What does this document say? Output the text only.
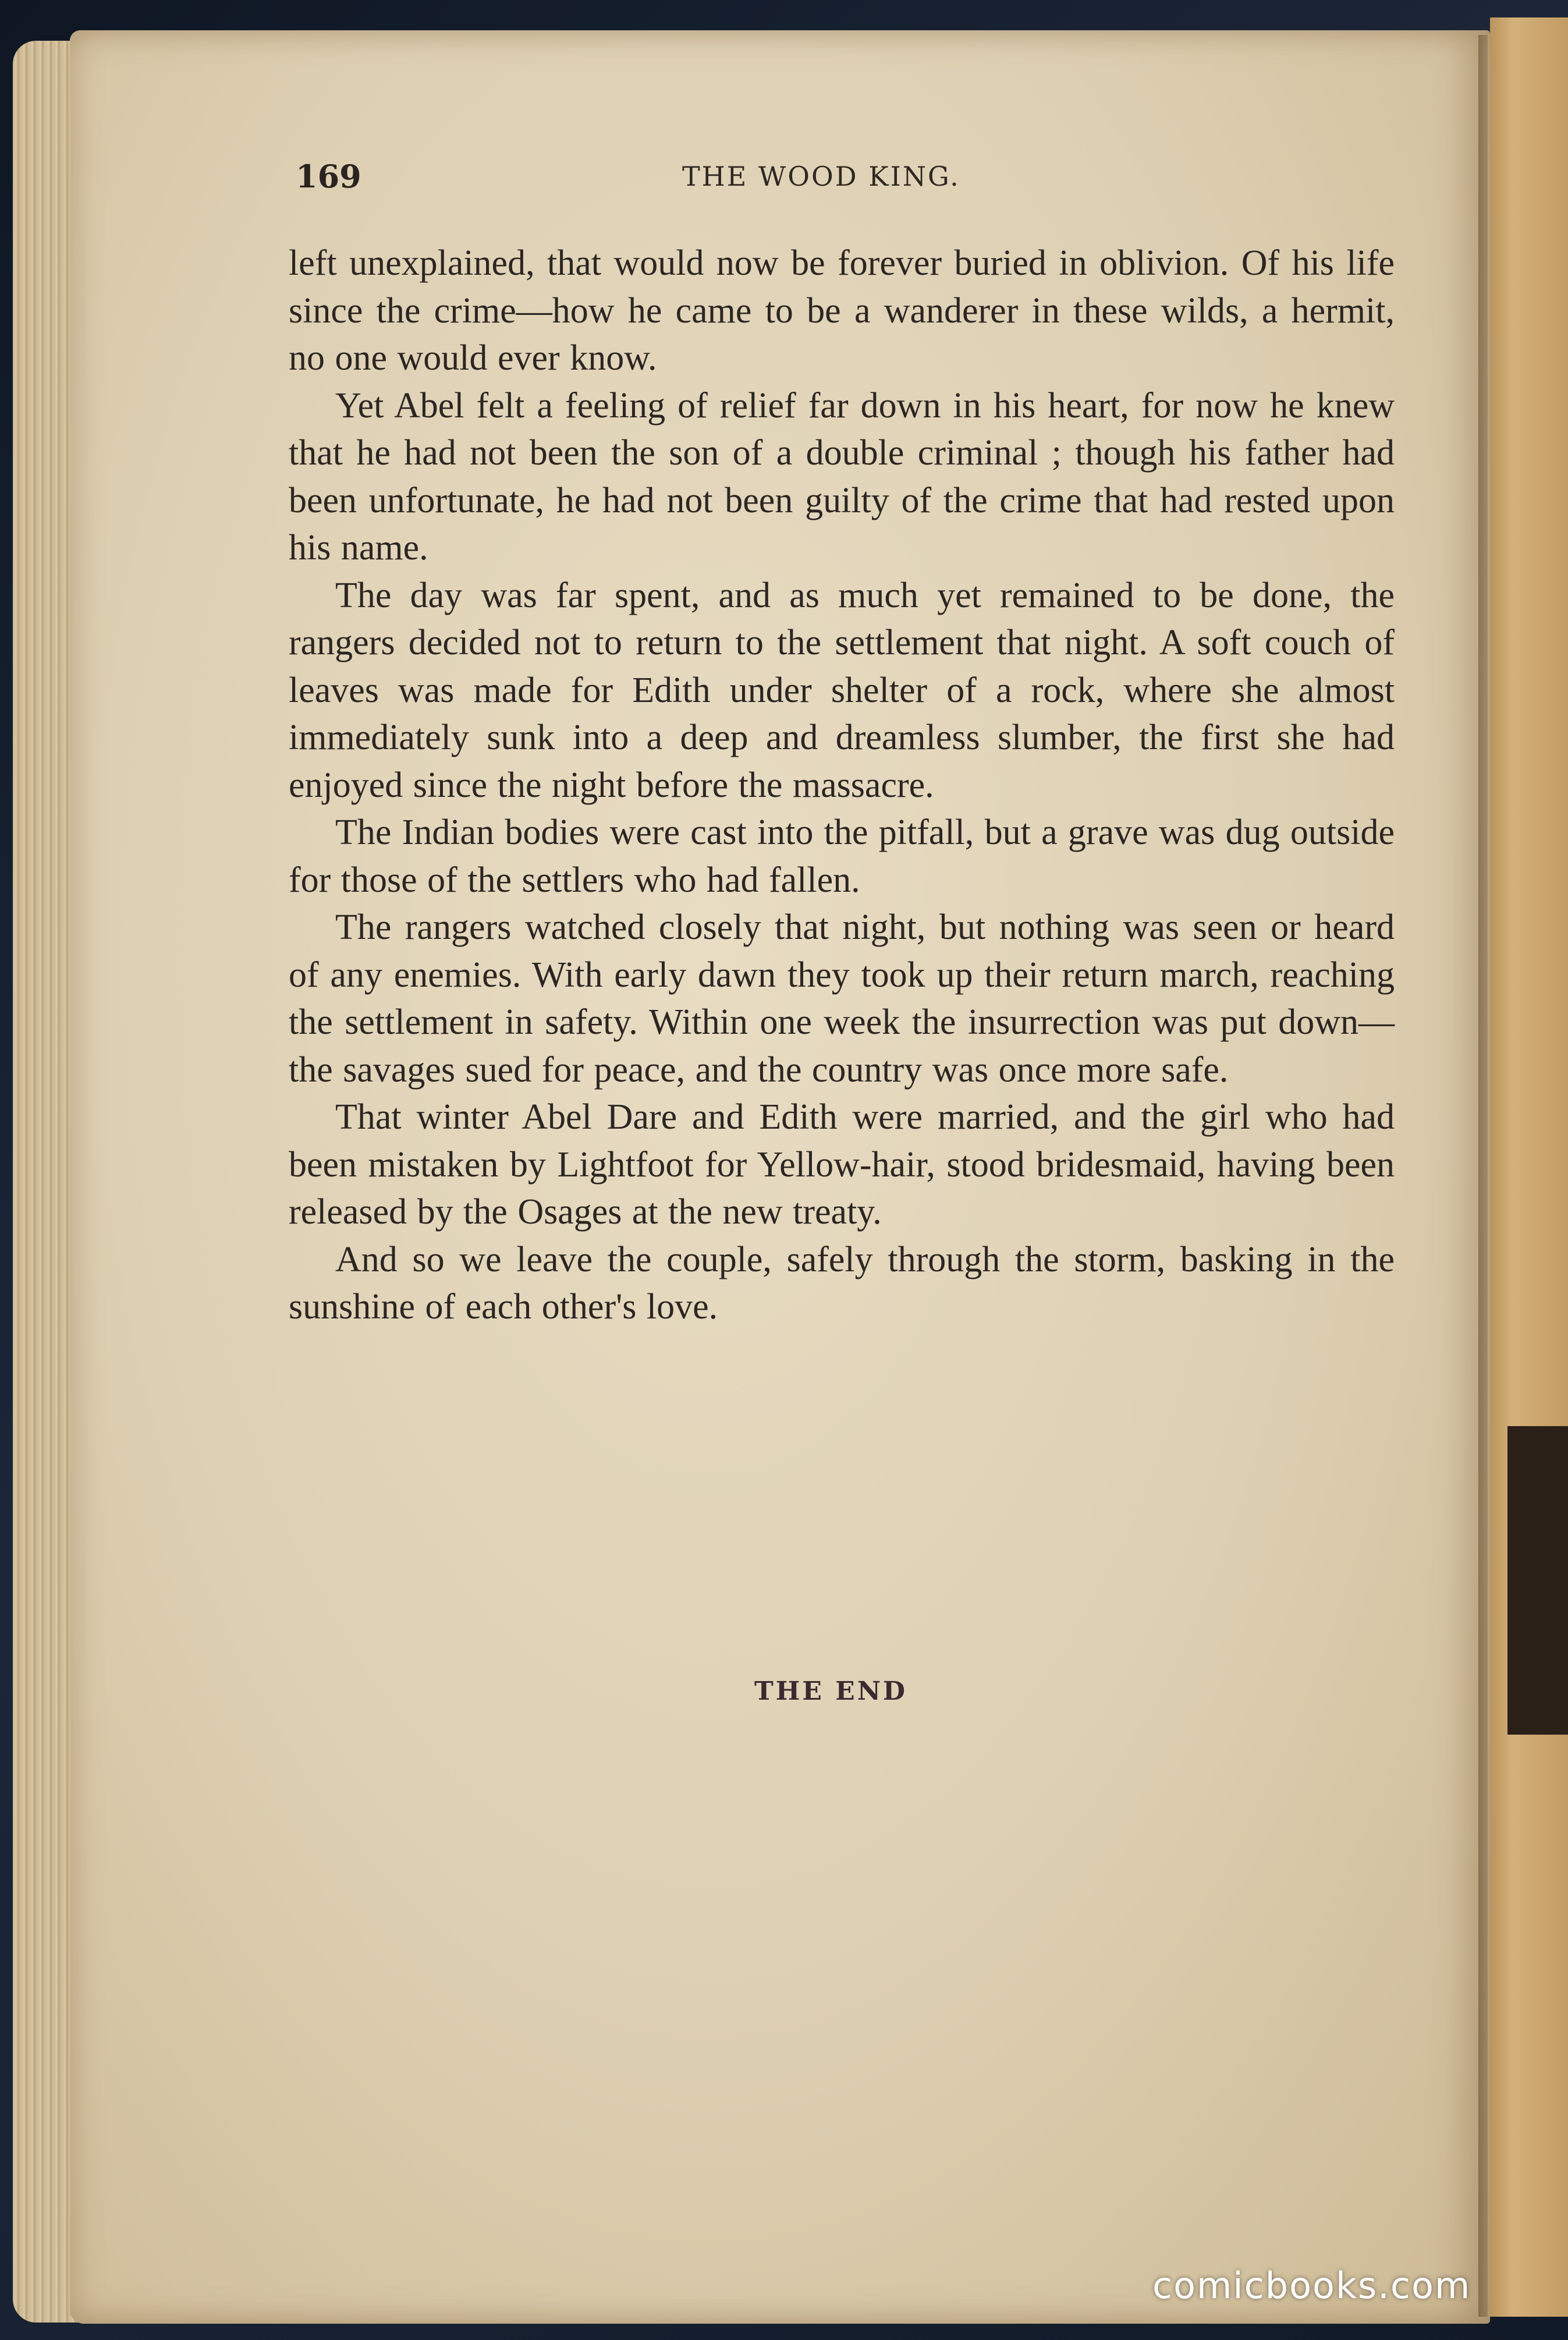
169	THE WOOD KING.

left unexplained, that would now be forever buried in oblivion. Of his life since the crime—how he came to be a wanderer in these wilds, a hermit, no one would ever know.

Yet Abel felt a feeling of relief far down in his heart, for now he knew that he had not been the son of a double criminal ; though his father had been unfortunate, he had not been guilty of the crime that had rested upon his name.

The day was far spent, and as much yet remained to be done, the rangers decided not to return to the settlement that night. A soft couch of leaves was made for Edith under shelter of a rock, where she almost immediately sunk into a deep and dreamless slumber, the first she had enjoyed since the night before the massacre.

The Indian bodies were cast into the pitfall, but a grave was dug outside for those of the settlers who had fallen.

The rangers watched closely that night, but nothing was seen or heard of any enemies. With early dawn they took up their return march, reaching the settlement in safety. Within one week the insurrection was put down—the savages sued for peace, and the country was once more safe.

That winter Abel Dare and Edith were married, and the girl who had been mistaken by Lightfoot for Yellow-hair, stood bridesmaid, having been released by the Osages at the new treaty.

And so we leave the couple, safely through the storm, basking in the sunshine of each other's love.

THE END
comicbooks.com
